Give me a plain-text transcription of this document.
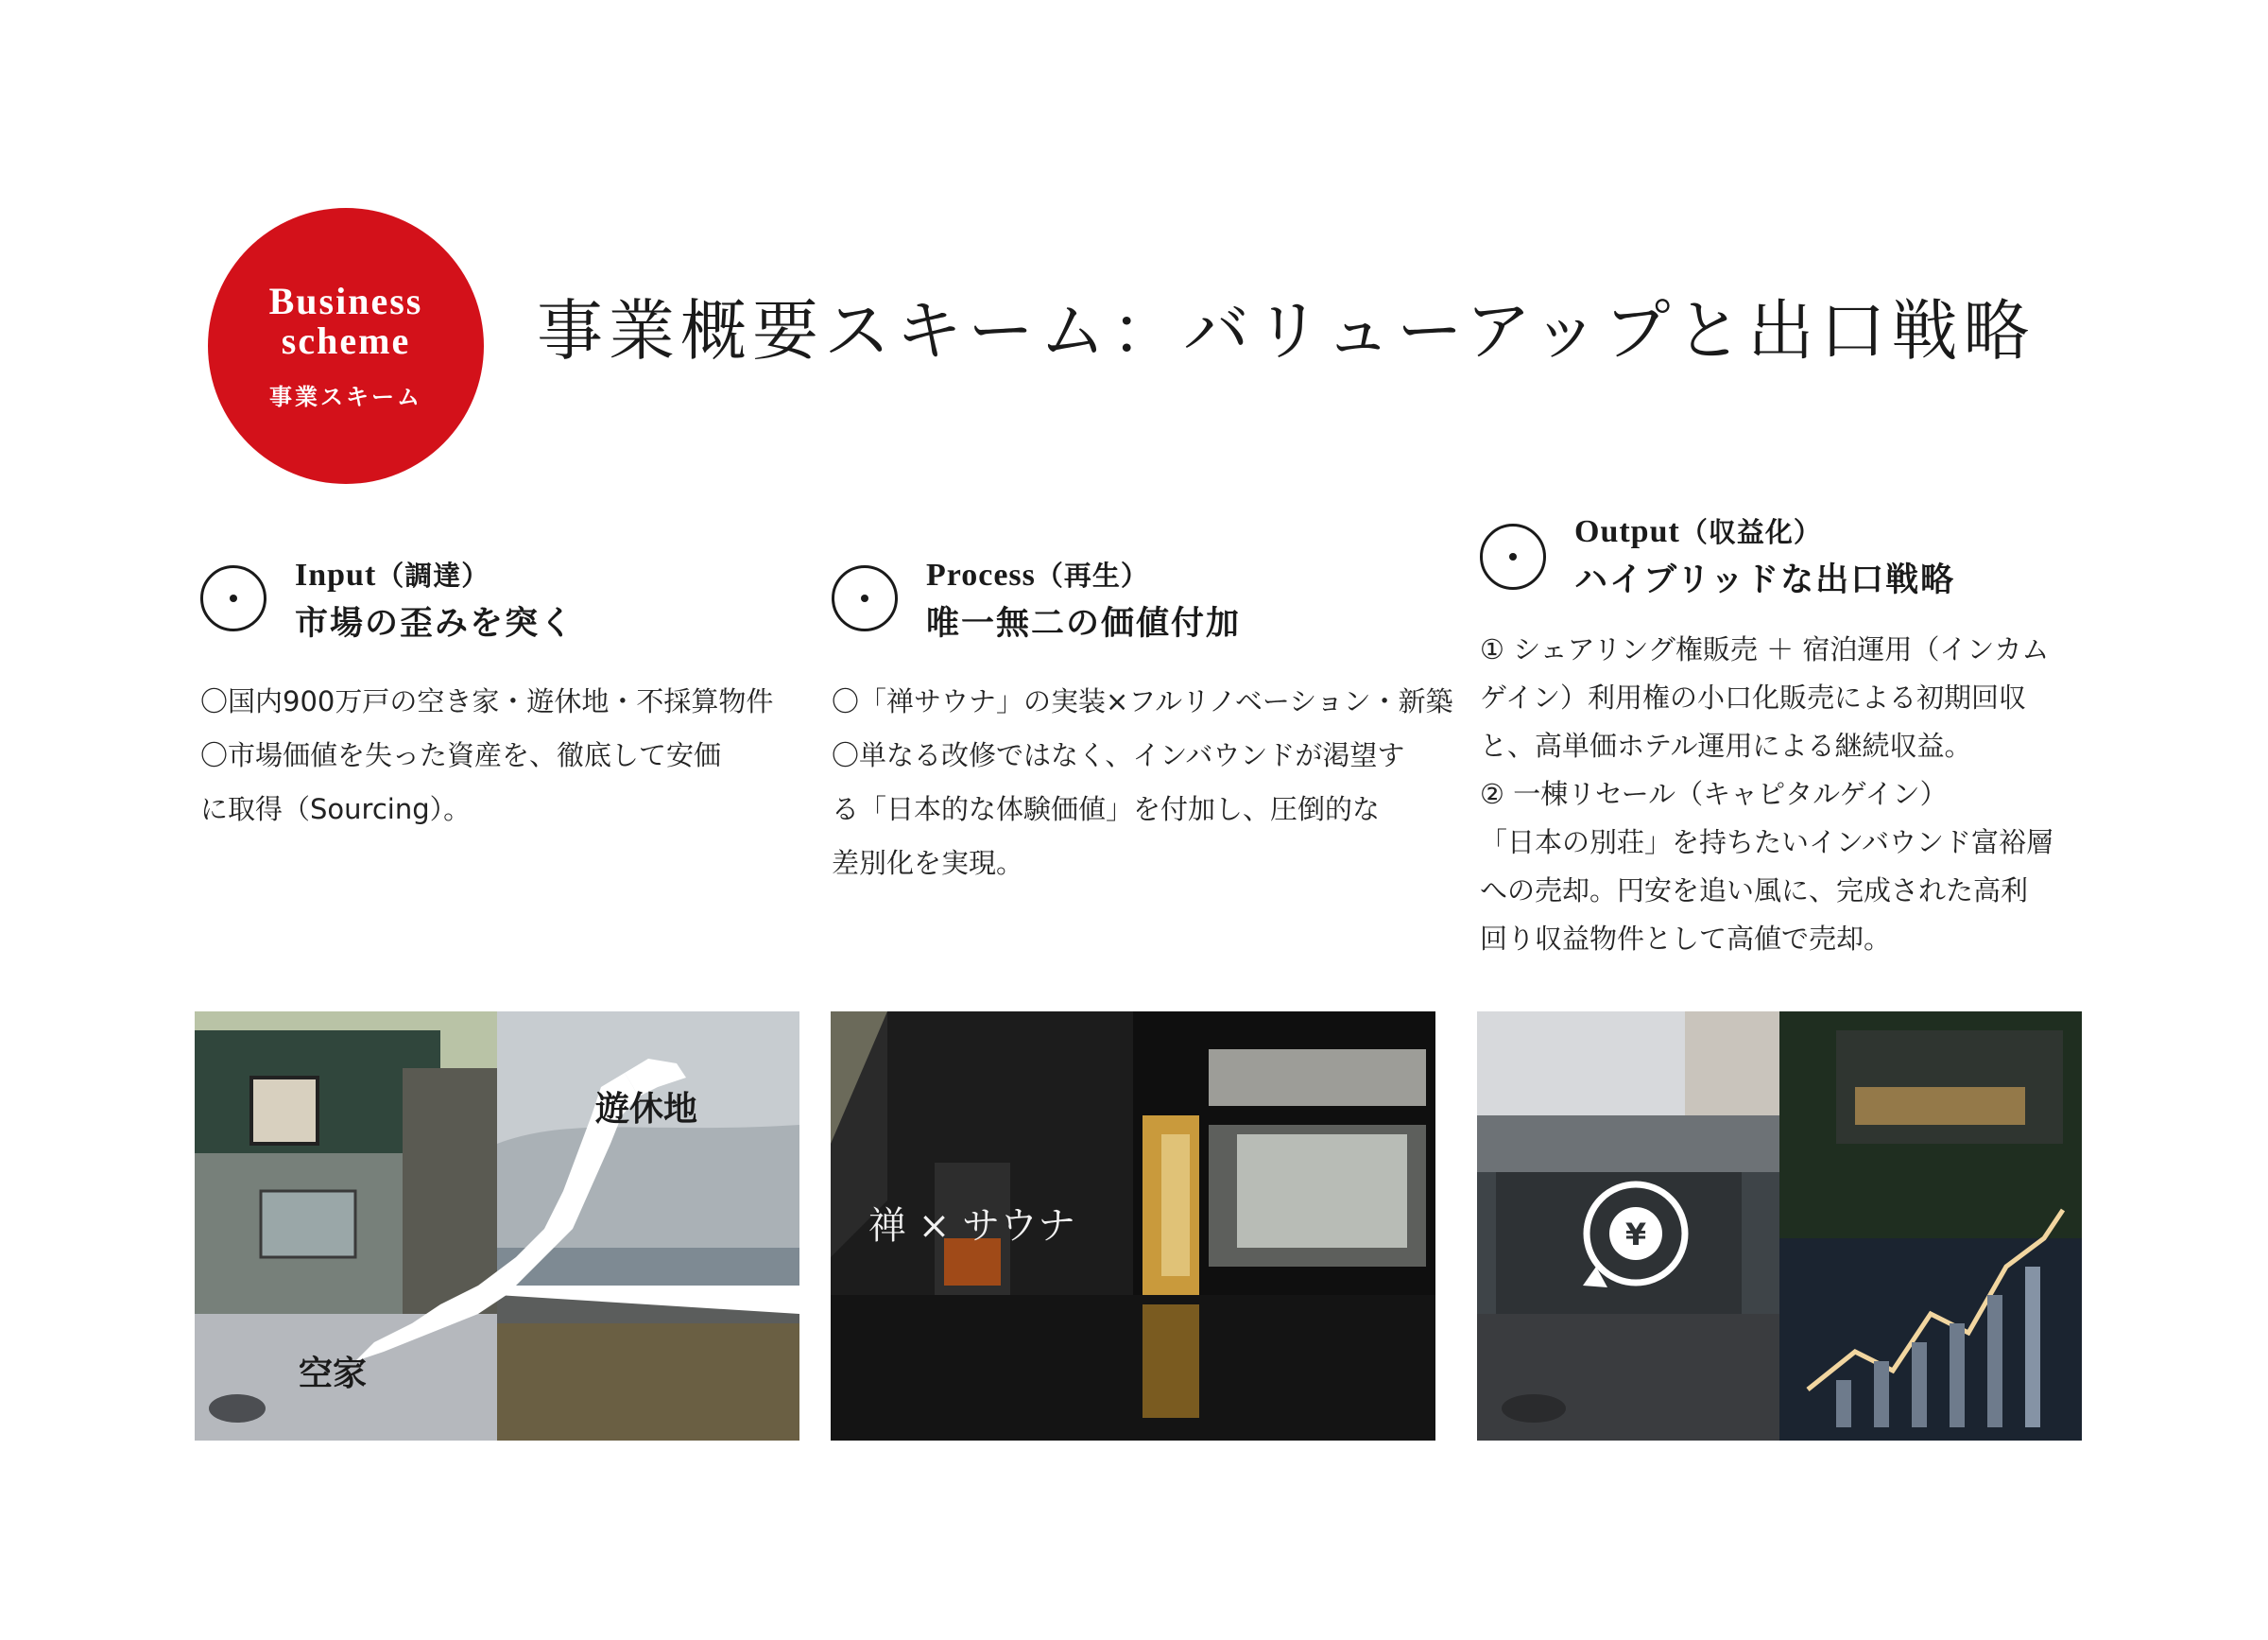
Business
scheme
事業スキーム
事業概要スキーム：バリューアップと出口戦略
Input（調達）
市場の歪みを突く

〇国内900万戸の空き家・遊休地・不採算物件

〇市場価値を失った資産を、徹底して安価

に取得（Sourcing）。

Process（再生）
唯一無二の価値付加

〇「禅サウナ」の実装×フルリノベーション・新築

〇単なる改修ではなく、インバウンドが渇望す

る「日本的な体験価値」を付加し、圧倒的な

差別化を実現。

Output（収益化）
ハイブリッドな出口戦略

① シェアリング権販売 ＋ 宿泊運用（インカム

ゲイン）利用権の小口化販売による初期回収

と、高単価ホテル運用による継続収益。

② 一棟リセール（キャピタルゲイン）

「日本の別荘」を持ちたいインバウンド富裕層

への売却。円安を追い風に、完成された高利

回り収益物件として高値で売却。

遊休地
空家
禅 × サウナ	¥
